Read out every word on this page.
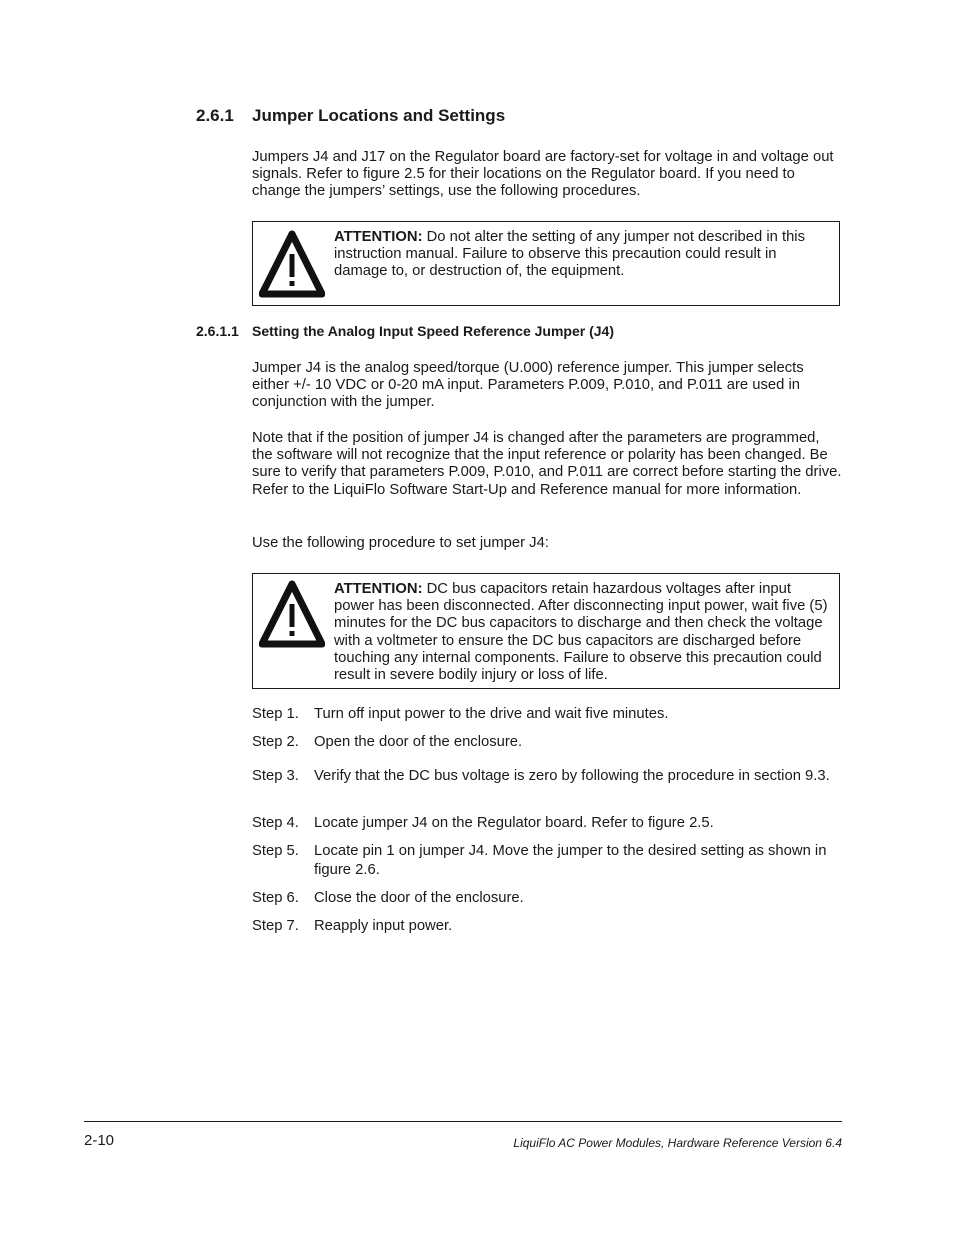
2.6.1 Jumper Locations and Settings
Jumpers J4 and J17 on the Regulator board are factory-set for voltage in and voltage out signals. Refer to figure 2.5 for their locations on the Regulator board. If you need to change the jumpers’ settings, use the following procedures.
ATTENTION: Do not alter the setting of any jumper not described in this instruction manual. Failure to observe this precaution could result in damage to, or destruction of, the equipment.
2.6.1.1 Setting the Analog Input Speed Reference Jumper (J4)
Jumper J4 is the analog speed/torque (U.000) reference jumper. This jumper selects either +/- 10 VDC or 0-20 mA input. Parameters P.009, P.010, and P.011 are used in conjunction with the jumper.
Note that if the position of jumper J4 is changed after the parameters are programmed, the software will not recognize that the input reference or polarity has been changed. Be sure to verify that parameters P.009, P.010, and P.011 are correct before starting the drive. Refer to the LiquiFlo Software Start-Up and Reference manual for more information.
Use the following procedure to set jumper J4:
ATTENTION: DC bus capacitors retain hazardous voltages after input power has been disconnected. After disconnecting input power, wait five (5) minutes for the DC bus capacitors to discharge and then check the voltage with a voltmeter to ensure the DC bus capacitors are discharged before touching any internal components. Failure to observe this precaution could result in severe bodily injury or loss of life.
Step 1.	Turn off input power to the drive and wait five minutes.
Step 2.	Open the door of the enclosure.
Step 3.	Verify that the DC bus voltage is zero by following the procedure in section 9.3.
Step 4.	Locate jumper J4 on the Regulator board. Refer to figure 2.5.
Step 5.	Locate pin 1 on jumper J4. Move the jumper to the desired setting as shown in figure 2.6.
Step 6.	Close the door of the enclosure.
Step 7.	Reapply input power.
2-10	LiquiFlo AC Power Modules, Hardware Reference Version 6.4
